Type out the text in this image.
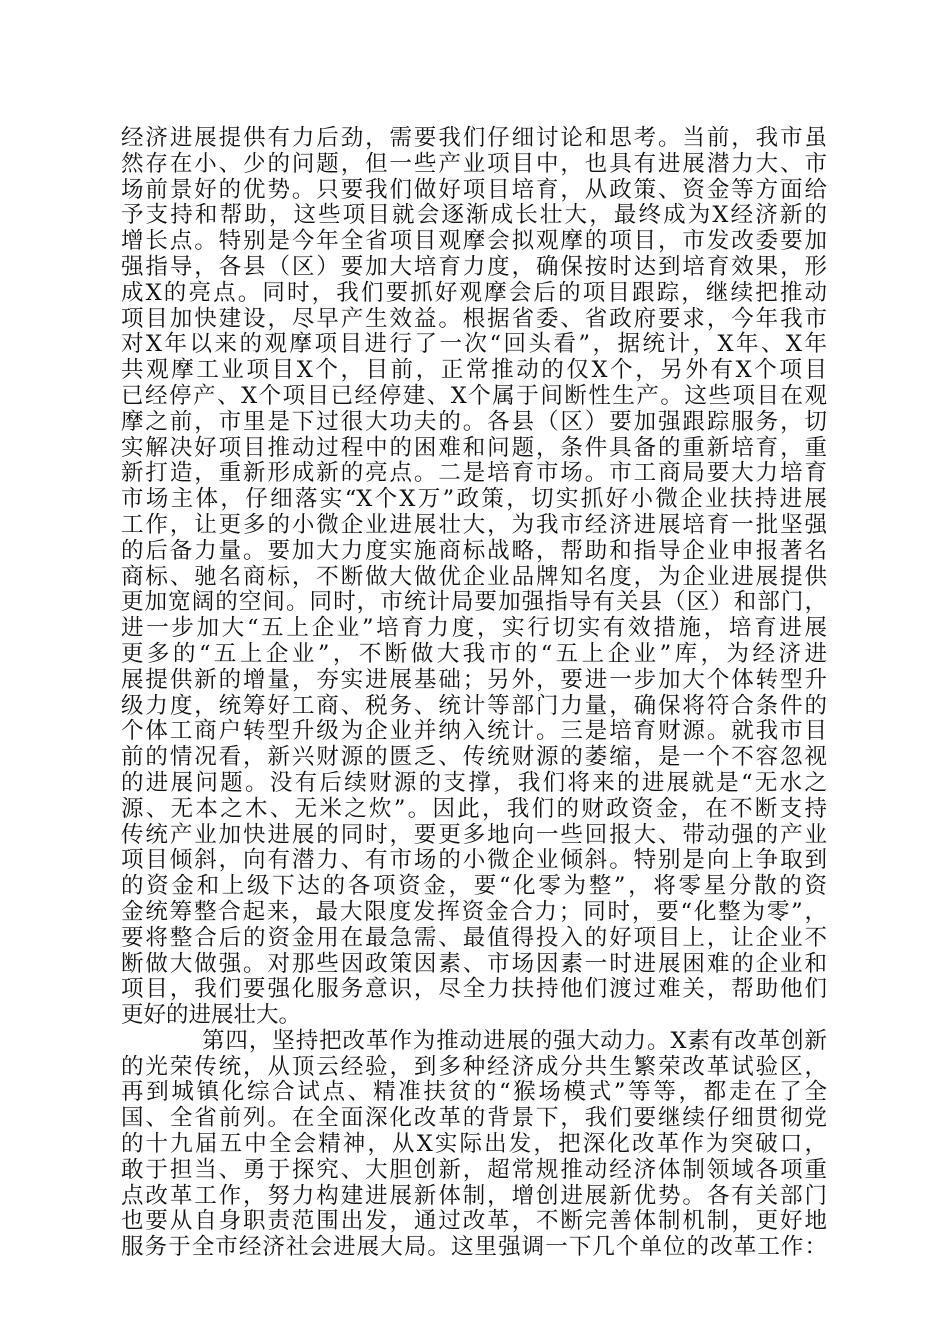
经济进展提供有力后劲，需要我们仔细讨论和思考。当前，我市虽
然存在小、少的问题，但一些产业项目中，也具有进展潜力大、市
场前景好的优势。只要我们做好项目培育，从政策、资金等方面给
予支持和帮助，这些项目就会逐渐成长壮大，最终成为X经济新的
增长点。特别是今年全省项目观摩会拟观摩的项目，市发改委要加
强指导，各县（区）要加大培育力度，确保按时达到培育效果，形
成X的亮点。同时，我们要抓好观摩会后的项目跟踪，继续把推动
项目加快建设，尽早产生效益。根据省委、省政府要求，今年我市
对X年以来的观摩项目进行了一次“回头看”，据统计，X年、X年
共观摩工业项目X个，目前，正常推动的仅X个，另外有X个项目
已经停产、X个项目已经停建、X个属于间断性生产。这些项目在观
摩之前，市里是下过很大功夫的。各县（区）要加强跟踪服务，切
实解决好项目推动过程中的困难和问题，条件具备的重新培育，重
新打造，重新形成新的亮点。二是培育市场。市工商局要大力培育
市场主体，仔细落实“X个X万”政策，切实抓好小微企业扶持进展
工作，让更多的小微企业进展壮大，为我市经济进展培育一批坚强
的后备力量。要加大力度实施商标战略，帮助和指导企业申报著名
商标、驰名商标，不断做大做优企业品牌知名度，为企业进展提供
更加宽阔的空间。同时，市统计局要加强指导有关县（区）和部门，
进一步加大“五上企业”培育力度，实行切实有效措施，培育进展
更多的“五上企业”，不断做大我市的“五上企业”库，为经济进
展提供新的增量，夯实进展基础；另外，要进一步加大个体转型升
级力度，统筹好工商、税务、统计等部门力量，确保将符合条件的
个体工商户转型升级为企业并纳入统计。三是培育财源。就我市目
前的情况看，新兴财源的匮乏、传统财源的萎缩，是一个不容忽视
的进展问题。没有后续财源的支撑，我们将来的进展就是“无水之
源、无本之木、无米之炊”。因此，我们的财政资金，在不断支持
传统产业加快进展的同时，要更多地向一些回报大、带动强的产业
项目倾斜，向有潜力、有市场的小微企业倾斜。特别是向上争取到
的资金和上级下达的各项资金，要“化零为整”，将零星分散的资
金统筹整合起来，最大限度发挥资金合力；同时，要“化整为零”，
要将整合后的资金用在最急需、最值得投入的好项目上，让企业不
断做大做强。对那些因政策因素、市场因素一时进展困难的企业和
项目，我们要强化服务意识，尽全力扶持他们渡过难关，帮助他们
更好的进展壮大。
第四，坚持把改革作为推动进展的强大动力。X素有改革创新
的光荣传统，从顶云经验，到多种经济成分共生繁荣改革试验区，
再到城镇化综合试点、精准扶贫的“猴场模式”等等，都走在了全
国、全省前列。在全面深化改革的背景下，我们要继续仔细贯彻党
的十九届五中全会精神，从X实际出发，把深化改革作为突破口，
敢于担当、勇于探究、大胆创新，超常规推动经济体制领域各项重
点改革工作，努力构建进展新体制，增创进展新优势。各有关部门
也要从自身职责范围出发，通过改革，不断完善体制机制，更好地
服务于全市经济社会进展大局。这里强调一下几个单位的改革工作：
